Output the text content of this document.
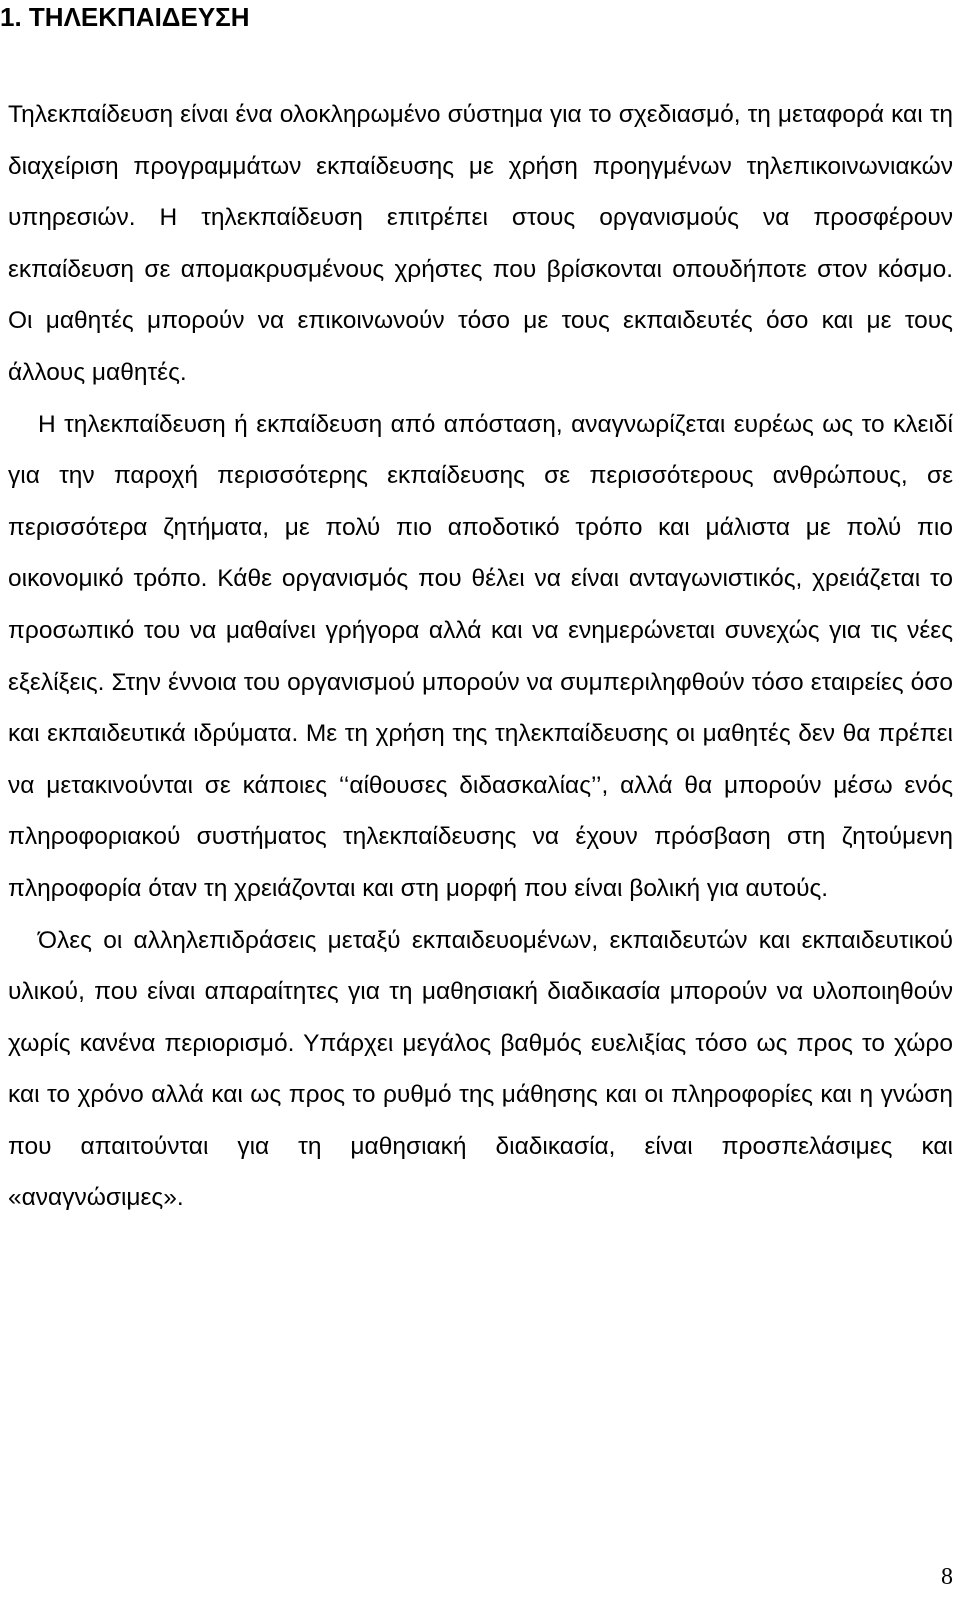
1. ΤΗΛΕΚΠΑΙΔΕΥΣΗ

Τηλεκπαίδευση είναι ένα ολοκληρωμένο σύστημα για το σχεδιασμό, τη μεταφορά και τη διαχείριση προγραμμάτων εκπαίδευσης με χρήση προηγμένων τηλεπικοινωνιακών υπηρεσιών. Η τηλεκπαίδευση επιτρέπει στους οργανισμούς να προσφέρουν εκπαίδευση σε απομακρυσμένους χρήστες που βρίσκονται οπουδήποτε στον κόσμο. Οι μαθητές μπορούν να επικοινωνούν τόσο με τους εκπαιδευτές όσο και με τους άλλους μαθητές.

Η τηλεκπαίδευση ή εκπαίδευση από απόσταση, αναγνωρίζεται ευρέως ως το κλειδί για την παροχή περισσότερης εκπαίδευσης σε περισσότερους ανθρώπους, σε περισσότερα ζητήματα, με πολύ πιο αποδοτικό τρόπο και μάλιστα με πολύ πιο οικονομικό τρόπο. Κάθε οργανισμός που θέλει να είναι ανταγωνιστικός, χρειάζεται το προσωπικό του να μαθαίνει γρήγορα αλλά και να ενημερώνεται συνεχώς για τις νέες εξελίξεις. Στην έννοια του οργανισμού μπορούν να συμπεριληφθούν τόσο εταιρείες όσο και εκπαιδευτικά ιδρύματα. Με τη χρήση της τηλεκπαίδευσης οι μαθητές δεν θα πρέπει να μετακινούνται σε κάποιες ‘‘αίθουσες διδασκαλίας’’, αλλά θα μπορούν μέσω ενός πληροφοριακού συστήματος τηλεκπαίδευσης να έχουν πρόσβαση στη ζητούμενη πληροφορία όταν τη χρειάζονται και στη μορφή που είναι βολική για αυτούς.

Όλες οι αλληλεπιδράσεις μεταξύ εκπαιδευομένων, εκπαιδευτών και εκπαιδευτικού υλικού, που είναι απαραίτητες για τη μαθησιακή διαδικασία μπορούν να υλοποιηθούν χωρίς κανένα περιορισμό. Υπάρχει μεγάλος βαθμός ευελιξίας τόσο ως προς το χώρο και το χρόνο αλλά και ως προς το ρυθμό της μάθησης και οι πληροφορίες και η γνώση που απαιτούνται για τη μαθησιακή διαδικασία, είναι προσπελάσιμες και «αναγνώσιμες».

8
